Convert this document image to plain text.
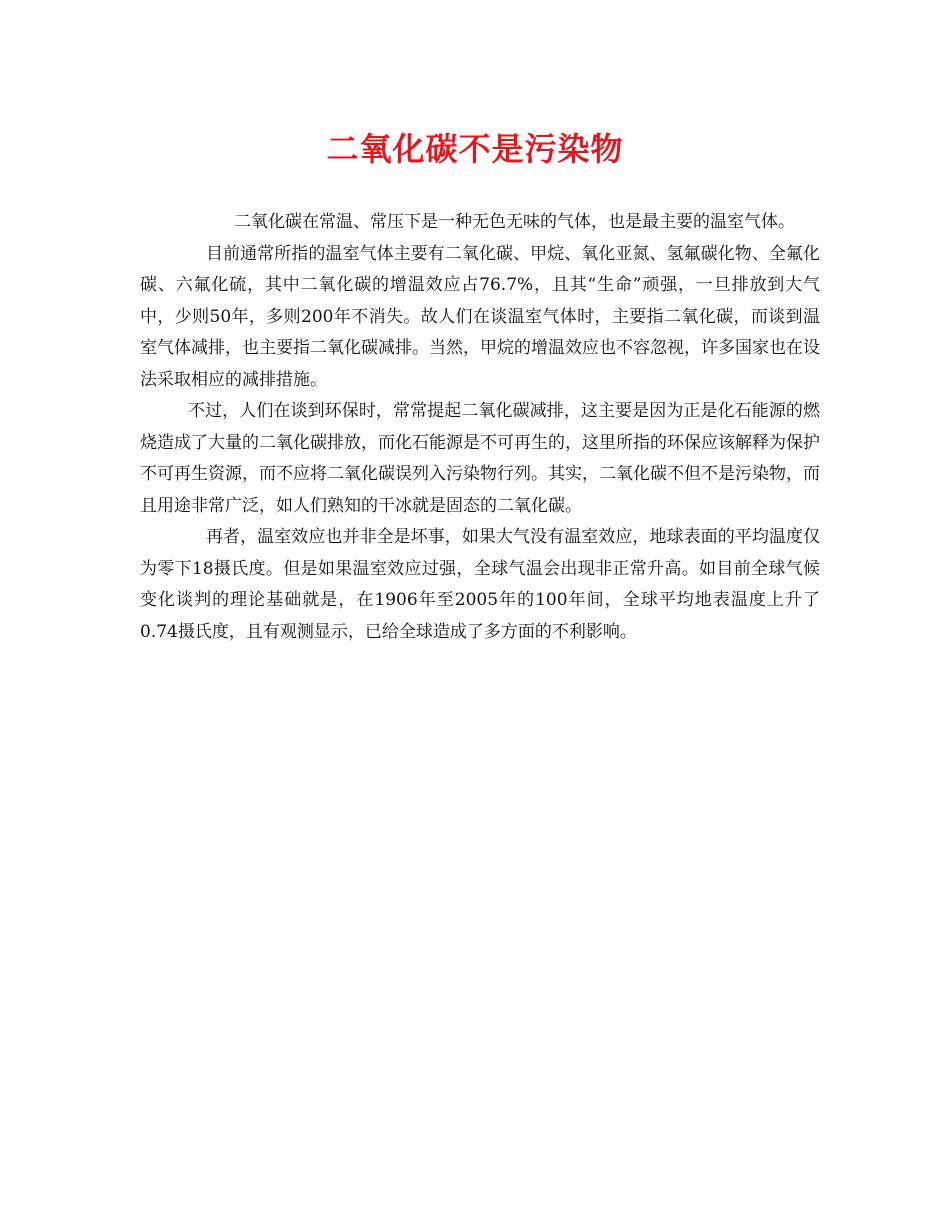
二氧化碳不是污染物

二氧化碳在常温、常压下是一种无色无味的气体，也是最主要的温室气体。

目前通常所指的温室气体主要有二氧化碳、甲烷、氧化亚氮、氢氟碳化物、全氟化碳、六氟化硫，其中二氧化碳的增温效应占76.7%，且其“生命”顽强，一旦排放到大气中，少则50年，多则200年不消失。故人们在谈温室气体时，主要指二氧化碳，而谈到温室气体减排，也主要指二氧化碳减排。当然，甲烷的增温效应也不容忽视，许多国家也在设法采取相应的减排措施。

不过，人们在谈到环保时，常常提起二氧化碳减排，这主要是因为正是化石能源的燃烧造成了大量的二氧化碳排放，而化石能源是不可再生的，这里所指的环保应该解释为保护不可再生资源，而不应将二氧化碳误列入污染物行列。其实，二氧化碳不但不是污染物，而且用途非常广泛，如人们熟知的干冰就是固态的二氧化碳。

再者，温室效应也并非全是坏事，如果大气没有温室效应，地球表面的平均温度仅为零下18摄氏度。但是如果温室效应过强，全球气温会出现非正常升高。如目前全球气候变化谈判的理论基础就是，在1906年至2005年的100年间，全球平均地表温度上升了0.74摄氏度，且有观测显示，已给全球造成了多方面的不利影响。
